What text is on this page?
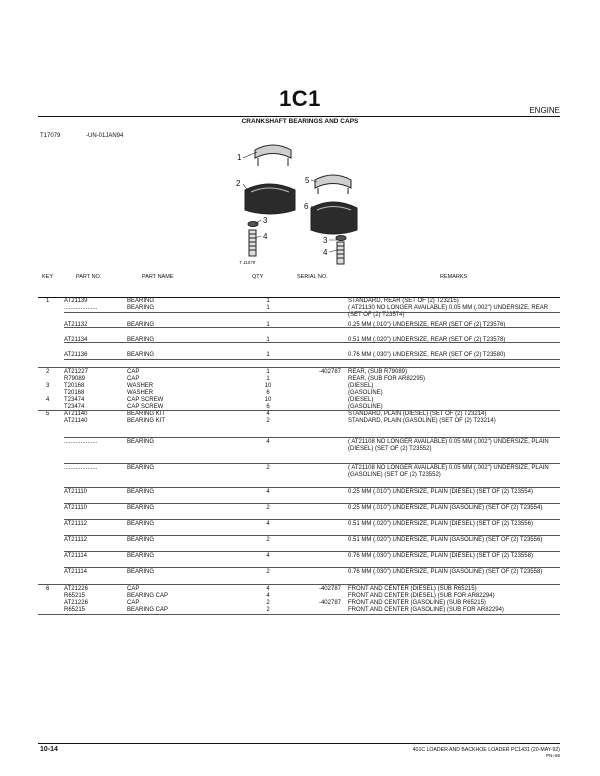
1C1	ENGINE
CRANKSHAFT BEARINGS AND CAPS
T17079	-UN-01JAN94
1
2
3
4
5
6
3
4
T 11079
KEY	PART NO.	PART NAME	QTY	SERIAL NO.	REMARKS
1 AT21139	BEARING	1	STANDARD, REAR (SET OF (2) T23215)
....................	BEARING	1	( AT21130 NO LONGER AVAILABLE) 0.05 MM (.002") UNDERSIZE, REAR (SET OF (2) T23574)
AT21132	BEARING	1	0.25 MM (.010") UNDERSIZE, REAR (SET OF (2) T23576)
AT21134	BEARING	1	0.51 MM (.020") UNDERSIZE, REAR (SET OF (2) T23578)
AT21136	BEARING	1	0.76 MM (.030") UNDERSIZE, REAR (SET OF (2) T23580)
2 AT21227	CAP	1	-402787 REAR, (SUB R79089)
R79089	CAP	1	REAR, (SUB FOR AR82295)
3 T20168	WASHER	10	(DIESEL)
T20168	WASHER	6	(GASOLINE)
4 T23474	CAP SCREW	10	(DIESEL)
T23474	CAP SCREW	6	(GASOLINE)
5 AT21140	BEARING KIT	4	STANDARD, PLAIN (DIESEL) (SET OF (2) T23214)
AT21140	BEARING KIT	2	STANDARD, PLAIN (GASOLINE) (SET OF (2) T23214)
....................	BEARING	4	( AT21108 NO LONGER AVAILABLE) 0.05 MM (.002") UNDERSIZE, PLAIN (DIESEL) (SET OF (2) T23552)
....................	BEARING	2	( AT21108 NO LONGER AVAILABLE) 0.05 MM (.002") UNDERSIZE, PLAIN (GASOLINE) (SET OF (2) T23552)
AT21110	BEARING	4	0.25 MM (.010") UNDERSIZE, PLAIN (DIESEL) (SET OF (2) T23554)
AT21110	BEARING	2	0.25 MM (.010") UNDERSIZE, PLAIN (GASOLINE) (SET OF (2) T23554)
AT21112	BEARING	4	0.51 MM (.020") UNDERSIZE, PLAIN (DIESEL) (SET OF (2) T23556)
AT21112	BEARING	2	0.51 MM (.020") UNDERSIZE, PLAIN (GASOLINE) (SET OF (2) T23556)
AT21114	BEARING	4	0.76 MM (.030") UNDERSIZE, PLAIN (DIESEL) (SET OF (2) T23558)
AT21114	BEARING	2	0.76 MM (.030") UNDERSIZE, PLAIN (GASOLINE) (SET OF (2) T23558)
6 AT21226	CAP	4	-402787 FRONT AND CENTER (DIESEL) (SUB R65215)
R65215	BEARING CAP	4	FRONT AND CENTER (DIESEL) (SUB FOR AR82294)
AT21226	CAP	2	-402787 FRONT AND CENTER (GASOLINE) (SUB R65215)
R65215	BEARING CAP	2	FRONT AND CENTER (GASOLINE) (SUB FOR AR82294)
10-14	401C LOADER AND BACKHOE LOADER PC1431 (20-MAY-92)
PN=56
